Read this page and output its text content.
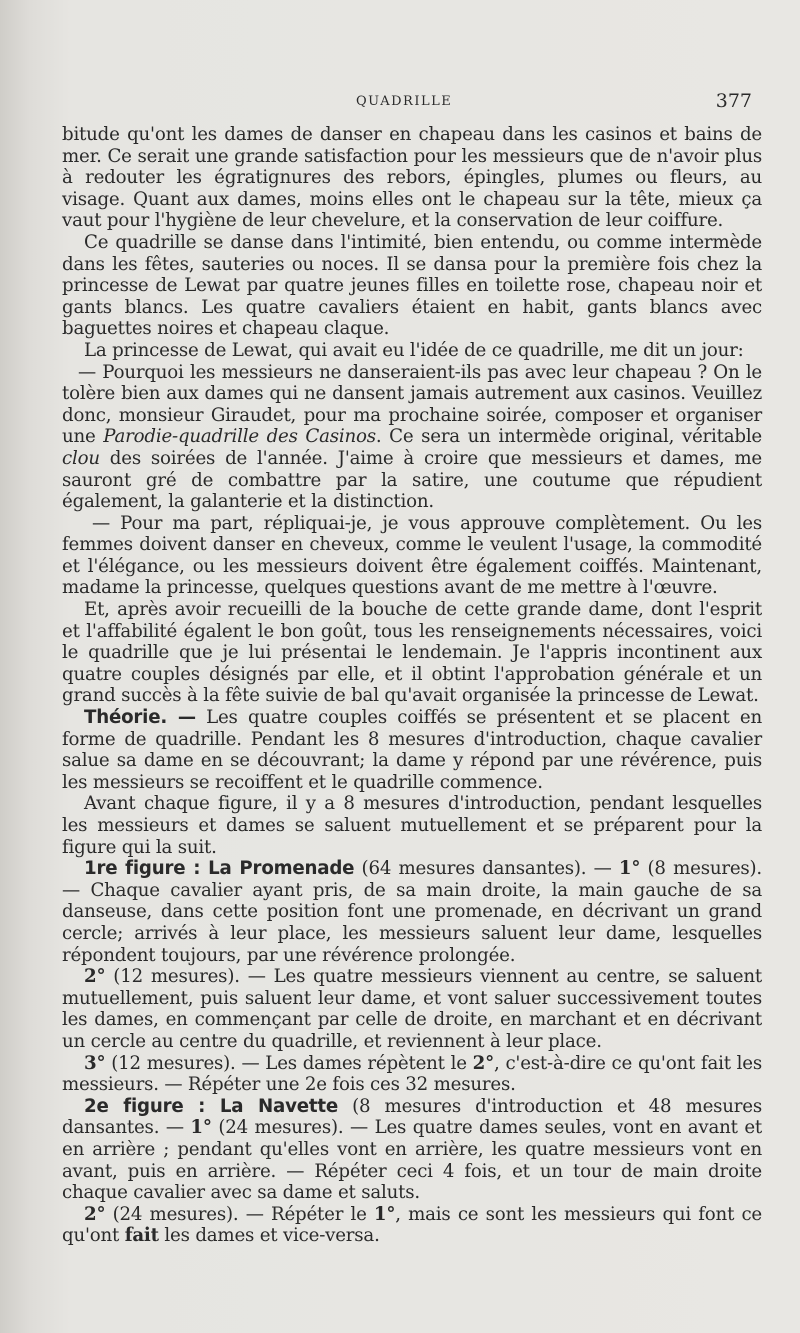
QUADRILLE	377

bitude qu'ont les dames de danser en chapeau dans les casinos et bains de mer. Ce serait une grande satisfaction pour les messieurs que de n'avoir plus à redouter les égratignures des rebors, épingles, plumes ou fleurs, au visage. Quant aux dames, moins elles ont le chapeau sur la tête, mieux ça vaut pour l'hygiène de leur chevelure, et la conservation de leur coiffure.

Ce quadrille se danse dans l'intimité, bien entendu, ou comme intermède dans les fêtes, sauteries ou noces. Il se dansa pour la première fois chez la princesse de Lewat par quatre jeunes filles en toilette rose, chapeau noir et gants blancs. Les quatre cavaliers étaient en habit, gants blancs avec baguettes noires et chapeau claque.

La princesse de Lewat, qui avait eu l'idée de ce quadrille, me dit un jour:

— Pourquoi les messieurs ne danseraient-ils pas avec leur chapeau ? On le tolère bien aux dames qui ne dansent jamais autrement aux casinos. Veuillez donc, monsieur Giraudet, pour ma prochaine soirée, composer et organiser une Parodie-quadrille des Casinos. Ce sera un intermède original, véritable clou des soirées de l'année. J'aime à croire que messieurs et dames, me sauront gré de combattre par la satire, une coutume que répudient également, la galanterie et la distinction.

— Pour ma part, répliquai-je, je vous approuve complètement. Ou les femmes doivent danser en cheveux, comme le veulent l'usage, la commodité et l'élégance, ou les messieurs doivent être également coiffés. Maintenant, madame la princesse, quelques questions avant de me mettre à l'œuvre.

Et, après avoir recueilli de la bouche de cette grande dame, dont l'esprit et l'affabilité égalent le bon goût, tous les renseignements nécessaires, voici le quadrille que je lui présentai le lendemain. Je l'appris incontinent aux quatre couples désignés par elle, et il obtint l'approbation générale et un grand succès à la fête suivie de bal qu'avait organisée la princesse de Lewat.

Théorie. — Les quatre couples coiffés se présentent et se placent en forme de quadrille. Pendant les 8 mesures d'introduction, chaque cavalier salue sa dame en se découvrant; la dame y répond par une révérence, puis les messieurs se recoiffent et le quadrille commence.

Avant chaque figure, il y a 8 mesures d'introduction, pendant lesquelles les messieurs et dames se saluent mutuellement et se préparent pour la figure qui la suit.

1re figure : La Promenade (64 mesures dansantes). — 1° (8 mesures). — Chaque cavalier ayant pris, de sa main droite, la main gauche de sa danseuse, dans cette position font une promenade, en décrivant un grand cercle; arrivés à leur place, les messieurs saluent leur dame, lesquelles répondent toujours, par une révérence prolongée.

2° (12 mesures). — Les quatre messieurs viennent au centre, se saluent mutuellement, puis saluent leur dame, et vont saluer successivement toutes les dames, en commençant par celle de droite, en marchant et en décrivant un cercle au centre du quadrille, et reviennent à leur place.

3° (12 mesures). — Les dames répètent le 2°, c'est-à-dire ce qu'ont fait les messieurs. — Répéter une 2e fois ces 32 mesures.

2e figure : La Navette (8 mesures d'introduction et 48 mesures dansantes. — 1° (24 mesures). — Les quatre dames seules, vont en avant et en arrière ; pendant qu'elles vont en arrière, les quatre messieurs vont en avant, puis en arrière. — Répéter ceci 4 fois, et un tour de main droite chaque cavalier avec sa dame et saluts.

2° (24 mesures). — Répéter le 1°, mais ce sont les messieurs qui font ce qu'ont fait les dames et vice-versa.
